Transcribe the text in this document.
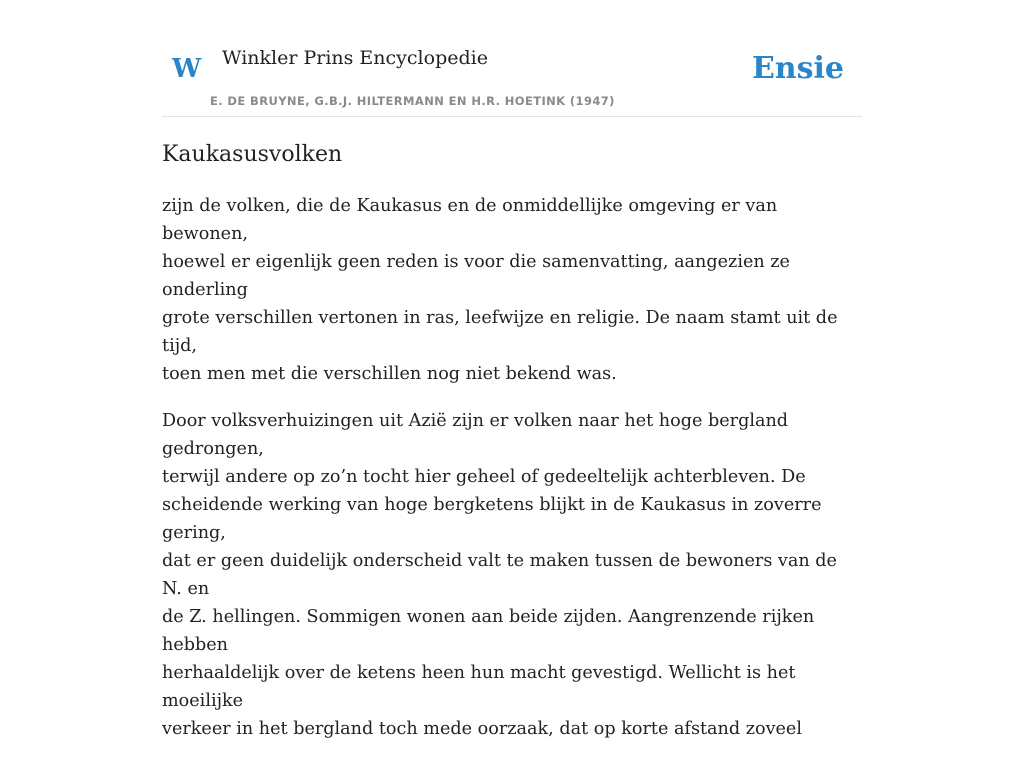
W Winkler Prins Encyclopedie
E. DE BRUYNE, G.B.J. HILTERMANN EN H.R. HOETINK (1947)
Ensie
Kaukasusvolken

zijn de volken, die de Kaukasus en de onmiddellijke omgeving er van bewonen,
hoewel er eigenlijk geen reden is voor die samenvatting, aangezien ze onderling
grote verschillen vertonen in ras, leefwijze en religie. De naam stamt uit de tijd,
toen men met die verschillen nog niet bekend was.

Door volksverhuizingen uit Azië zijn er volken naar het hoge bergland gedrongen,
terwijl andere op zo’n tocht hier geheel of gedeeltelijk achterbleven. De
scheidende werking van hoge bergketens blijkt in de Kaukasus in zoverre gering,
dat er geen duidelijk onderscheid valt te maken tussen de bewoners van de N. en
de Z. hellingen. Sommigen wonen aan beide zijden. Aangrenzende rijken hebben
herhaaldelijk over de ketens heen hun macht gevestigd. Wellicht is het moeilijke
verkeer in het bergland toch mede oorzaak, dat op korte afstand zoveel
